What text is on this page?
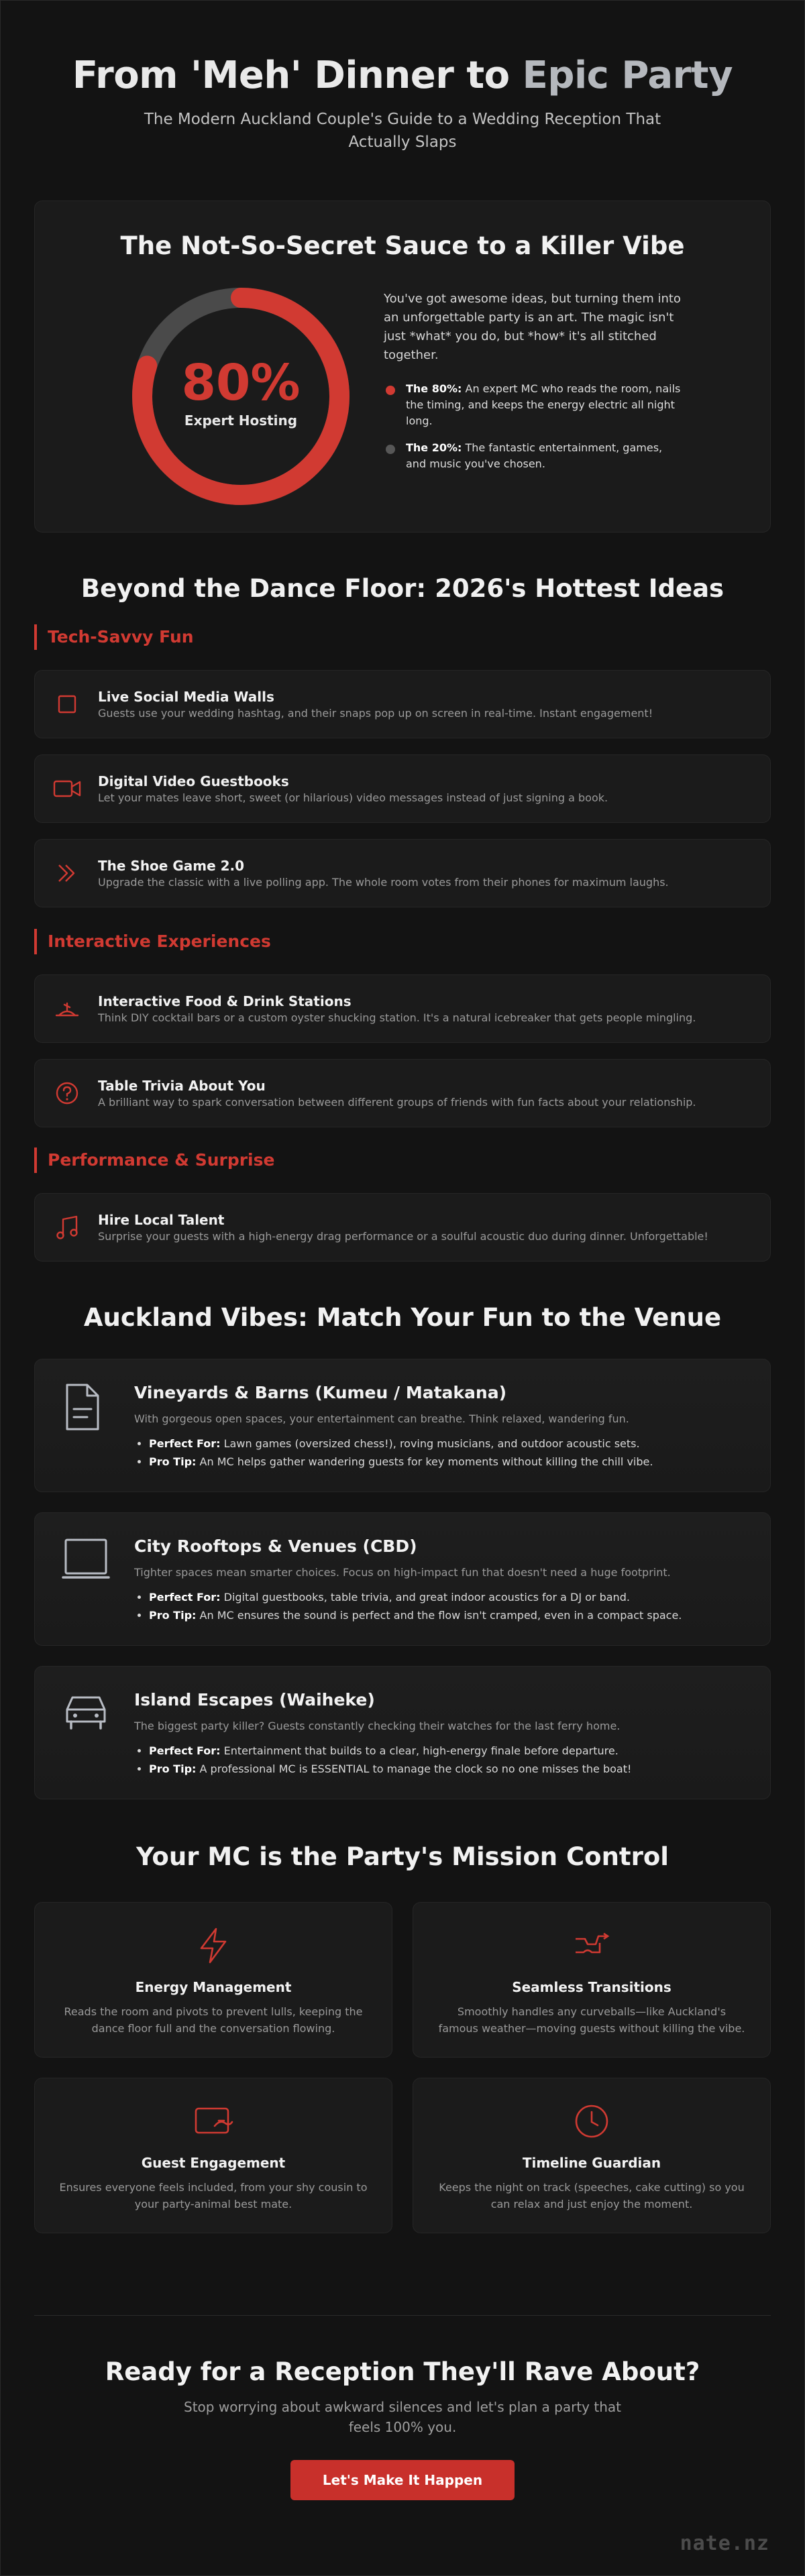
From 'Meh' Dinner to Epic Party

The Modern Auckland Couple's Guide to a Wedding Reception That Actually Slaps

The Not-So-Secret Sauce to a Killer Vibe
80%
Expert Hosting

You've got awesome ideas, but turning them into an unforgettable party is an art. The magic isn't just *what* you do, but *how* it's all stitched together.

The 80%: An expert MC who reads the room, nails the timing, and keeps the energy electric all night long.
The 20%: The fantastic entertainment, games, and music you've chosen.
Beyond the Dance Floor: 2026's Hottest Ideas
Tech-Savvy Fun
Live Social Media Walls

Guests use your wedding hashtag, and their snaps pop up on screen in real-time. Instant engagement!

Digital Video Guestbooks

Let your mates leave short, sweet (or hilarious) video messages instead of just signing a book.

The Shoe Game 2.0

Upgrade the classic with a live polling app. The whole room votes from their phones for maximum laughs.

Interactive Experiences
Interactive Food & Drink Stations

Think DIY cocktail bars or a custom oyster shucking station. It's a natural icebreaker that gets people mingling.

Table Trivia About You

A brilliant way to spark conversation between different groups of friends with fun facts about your relationship.

Performance & Surprise
Hire Local Talent

Surprise your guests with a high-energy drag performance or a soulful acoustic duo during dinner. Unforgettable!

Auckland Vibes: Match Your Fun to the Venue
Vineyards & Barns (Kumeu / Matakana)

With gorgeous open spaces, your entertainment can breathe. Think relaxed, wandering fun.

• Perfect For: Lawn games (oversized chess!), roving musicians, and outdoor acoustic sets.
• Pro Tip: An MC helps gather wandering guests for key moments without killing the chill vibe.
City Rooftops & Venues (CBD)

Tighter spaces mean smarter choices. Focus on high-impact fun that doesn't need a huge footprint.

• Perfect For: Digital guestbooks, table trivia, and great indoor acoustics for a DJ or band.
• Pro Tip: An MC ensures the sound is perfect and the flow isn't cramped, even in a compact space.
Island Escapes (Waiheke)

The biggest party killer? Guests constantly checking their watches for the last ferry home.

• Perfect For: Entertainment that builds to a clear, high-energy finale before departure.
• Pro Tip: A professional MC is ESSENTIAL to manage the clock so no one misses the boat!
Your MC is the Party's Mission Control
Energy Management

Reads the room and pivots to prevent lulls, keeping the dance floor full and the conversation flowing.

Seamless Transitions

Smoothly handles any curveballs—like Auckland's famous weather—moving guests without killing the vibe.

Guest Engagement

Ensures everyone feels included, from your shy cousin to your party-animal best mate.

Timeline Guardian

Keeps the night on track (speeches, cake cutting) so you can relax and just enjoy the moment.

Ready for a Reception They'll Rave About?

Stop worrying about awkward silences and let's plan a party that feels 100% you.

Let's Make It Happen
nate.nz
